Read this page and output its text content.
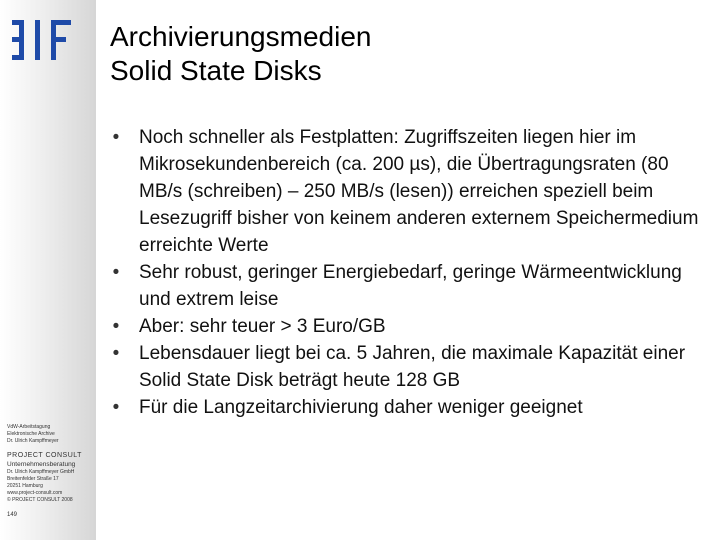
Archivierungsmedien
Solid State Disks
• Noch schneller als Festplatten: Zugriffszeiten liegen hier im Mikrosekundenbereich (ca. 200 µs), die Übertragungsraten (80 MB/s (schreiben) – 250 MB/s (lesen)) erreichen speziell beim Lesezugriff bisher von keinem anderen externem Speichermedium erreichte Werte
• Sehr robust, geringer Energiebedarf, geringe Wärmeentwicklung und extrem leise
• Aber: sehr teuer > 3 Euro/GB
• Lebensdauer liegt bei ca. 5 Jahren, die maximale Kapazität einer Solid State Disk beträgt heute 128 GB
• Für die Langzeitarchivierung daher weniger geeignet
VdW-Arbeitstagung
Elektronische Archive
Dr. Ulrich Kampffmeyer
PROJECT CONSULT
Unternehmensberatung
Dr. Ulrich Kampffmeyer GmbH
Breitenfelder Straße 17
20251 Hamburg
www.project-consult.com
© PROJECT CONSULT 2008
149
